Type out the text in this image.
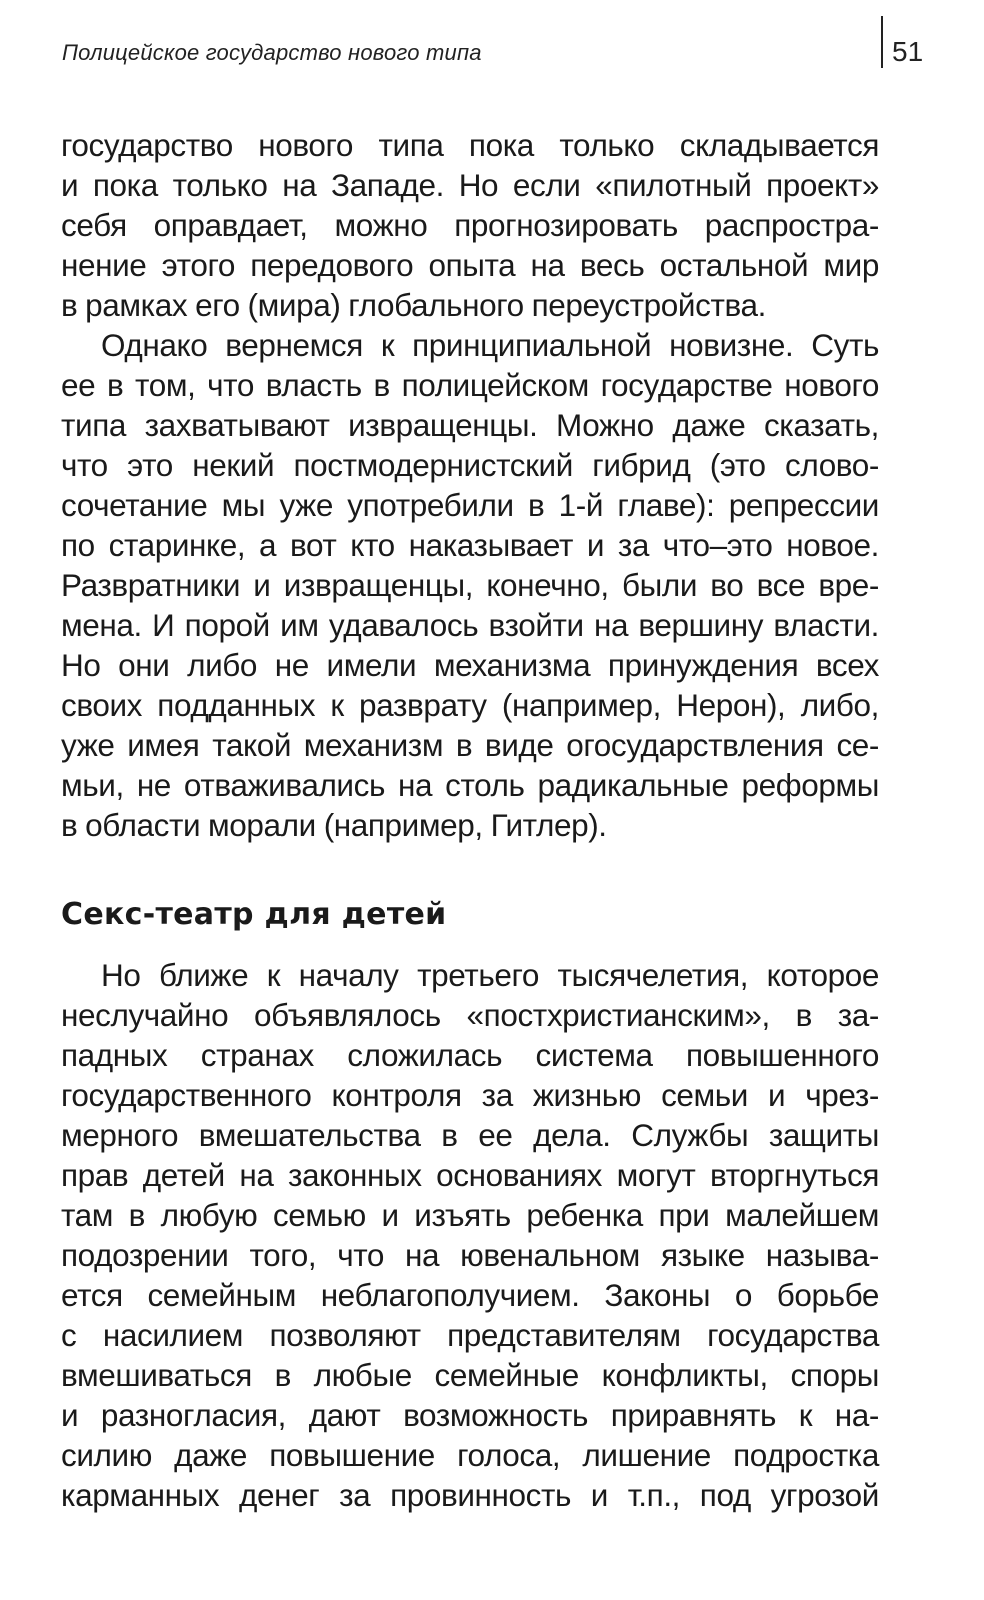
Полицейское государство нового типа	51
государство нового типа пока только складывается
и пока только на Западе. Но если «пилотный проект»
себя оправдает, можно прогнозировать распростра-
нение этого передового опыта на весь остальной мир
в рамках его (мира) глобального переустройства.
Однако вернемся к принципиальной новизне. Суть
ее в том, что власть в полицейском государстве нового
типа захватывают извращенцы. Можно даже сказать,
что это некий постмодернистский гибрид (это слово-
сочетание мы уже употребили в 1-й главе): репрессии
по старинке, а вот кто наказывает и за что–это новое.
Развратники и извращенцы, конечно, были во все вре-
мена. И порой им удавалось взойти на вершину власти.
Но они либо не имели механизма принуждения всех
своих подданных к разврату (например, Нерон), либо,
уже имея такой механизм в виде огосударствления се-
мьи, не отваживались на столь радикальные реформы
в области морали (например, Гитлер).
Секс-театр для детей
Но ближе к началу третьего тысячелетия, которое
неслучайно объявлялось «постхристианским», в за-
падных странах сложилась система повышенного
государственного контроля за жизнью семьи и чрез-
мерного вмешательства в ее дела. Службы защиты
прав детей на законных основаниях могут вторгнуться
там в любую семью и изъять ребенка при малейшем
подозрении того, что на ювенальном языке называ-
ется семейным неблагополучием. Законы о борьбе
с насилием позволяют представителям государства
вмешиваться в любые семейные конфликты, споры
и разногласия, дают возможность приравнять к на-
силию даже повышение голоса, лишение подростка
карманных денег за провинность и т.п., под угрозой
